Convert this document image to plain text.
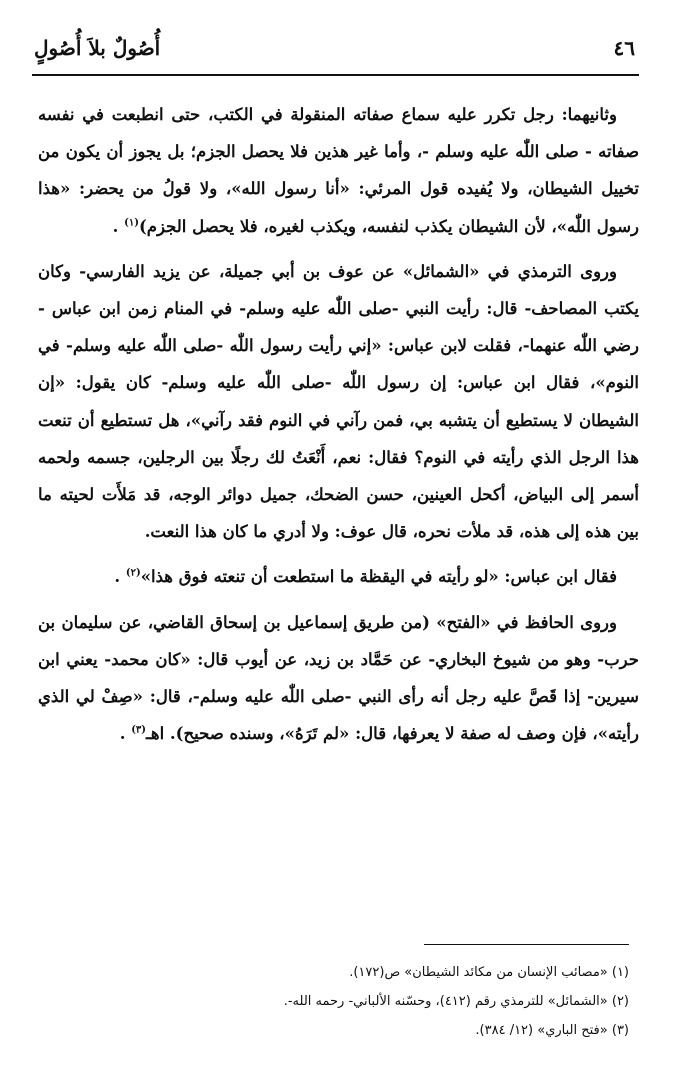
أُصُولٌ بلاَ أُصُولٍ	٤٦

وثانيهما: رجل تكرر عليه سماع صفاته المنقولة في الكتب، حتى انطبعت في نفسه صفاته - صلى اللّٰه عليه وسلم -، وأما غير هذين فلا يحصل الجزم؛ بل يجوز أن يكون من تخييل الشيطان، ولا يُفيده قول المرئي: «أنا رسول الله»، ولا قولُ من يحضر: «هذا رسول اللّٰه»، لأن الشيطان يكذب لنفسه، ويكذب لغيره، فلا يحصل الجزم)$^{(١)}$ .

وروى الترمذي في «الشمائل» عن عوف بن أبي جميلة، عن يزيد الفارسي- وكان يكتب المصاحف- قال: رأيت النبي -صلى اللّٰه عليه وسلم- في المنام زمن ابن عباس - رضي اللّٰه عنهما-، فقلت لابن عباس: «إني رأيت رسول اللّٰه -صلى اللّٰه عليه وسلم- في النوم»، فقال ابن عباس: إن رسول اللّٰه -صلى اللّٰه عليه وسلم- كان يقول: «إن الشيطان لا يستطيع أن يتشبه بي، فمن رآني في النوم فقد رآني»، هل تستطيع أن تنعت هذا الرجل الذي رأيته في النوم؟ فقال: نعم، أَنْعَتُ لك رجلًا بين الرجلين، جسمه ولحمه أسمر إلى البياض، أكحل العينين، حسن الضحك، جميل دوائر الوجه، قد مَلأَت لحيته ما بين هذه إلى هذه، قد ملأت نحره، قال عوف: ولا أدري ما كان هذا النعت.

فقال ابن عباس: «لو رأيته في اليقظة ما استطعت أن تنعته فوق هذا»$^{(٢)}$ .

وروى الحافظ في «الفتح» (من طريق إسماعيل بن إسحاق القاضي، عن سليمان بن حرب- وهو من شيوخ البخاري- عن حَمَّاد بن زيد، عن أيوب قال: «كان محمد- يعني ابن سيرين- إذا قَصَّ عليه رجل أنه رأى النبي -صلى اللّٰه عليه وسلم-، قال: «صِفْ لي الذي رأيته»، فإن وصف له صفة لا يعرفها، قال: «لم تَرَهُ»، وسنده صحيح). اهـ$^{(٣)}$ .

(١) «مصائب الإنسان من مكائد الشيطان» ص(١٧٢).
(٢) «الشمائل» للترمذي رقم (٤١٢)، وحسّنه الألباني- رحمه الله-.
(٣) «فتح الباري» (١٢/ ٣٨٤).
